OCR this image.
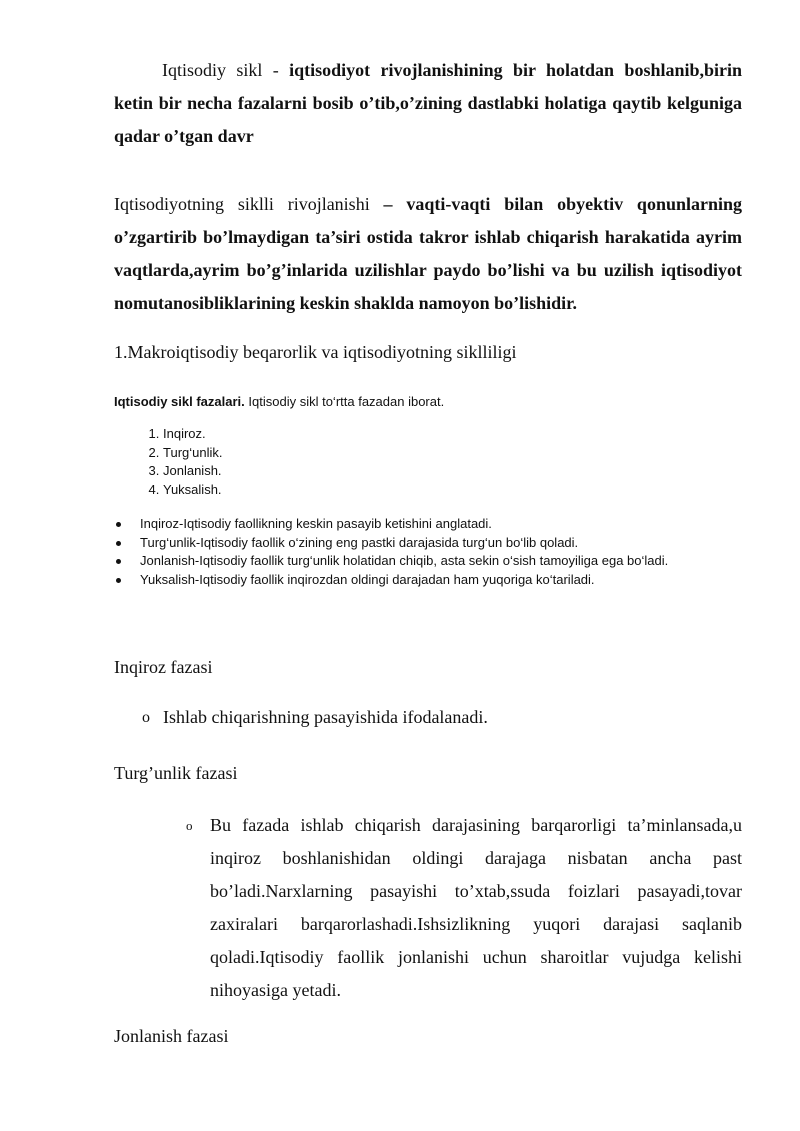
Iqtisodiy sikl - iqtisodiyot rivojlanishining bir holatdan boshlanib,birin ketin bir necha fazalarni bosib o’tib,o’zining dastlabki holatiga qaytib kelguniga qadar o’tgan davr

Iqtisodiyotning siklli rivojlanishi – vaqti-vaqti bilan obyektiv qonunlarning o’zgartirib bo’lmaydigan ta’siri ostida takror ishlab chiqarish harakatida ayrim vaqtlarda,ayrim bo’g’inlarida uzilishlar paydo bo’lishi va bu uzilish iqtisodiyot nomutanosibliklarining keskin shaklda namoyon bo’lishidir.

1.Makroiqtisodiy beqarorlik va iqtisodiyotning siklliligi
Iqtisodiy sikl fazalari. Iqtisodiy sikl to‘rtta fazadan iborat.
1. Inqiroz.
2. Turg‘unlik.
3. Jonlanish.
4. Yuksalish.
Inqiroz-Iqtisodiy faollikning keskin pasayib ketishini anglatadi.
Turg‘unlik-Iqtisodiy faollik o‘zining eng pastki darajasida turg‘un bo‘lib qoladi.
Jonlanish-Iqtisodiy faollik turg‘unlik holatidan chiqib, asta sekin o‘sish tamoyiliga ega bo‘ladi.
Yuksalish-Iqtisodiy faollik inqirozdan oldingi darajadan ham yuqoriga ko‘tariladi.
Inqiroz fazasi
o Ishlab chiqarishning pasayishida ifodalanadi.
Turg’unlik fazasi
o Bu fazada ishlab chiqarish darajasining barqarorligi ta’minlansada,u inqiroz boshlanishidan oldingi darajaga nisbatan ancha past bo’ladi.Narxlarning pasayishi to’xtab,ssuda foizlari pasayadi,tovar zaxiralari barqarorlashadi.Ishsizlikning yuqori darajasi saqlanib qoladi.Iqtisodiy faollik jonlanishi uchun sharoitlar vujudga kelishi nihoyasiga yetadi.

Jonlanish fazasi
